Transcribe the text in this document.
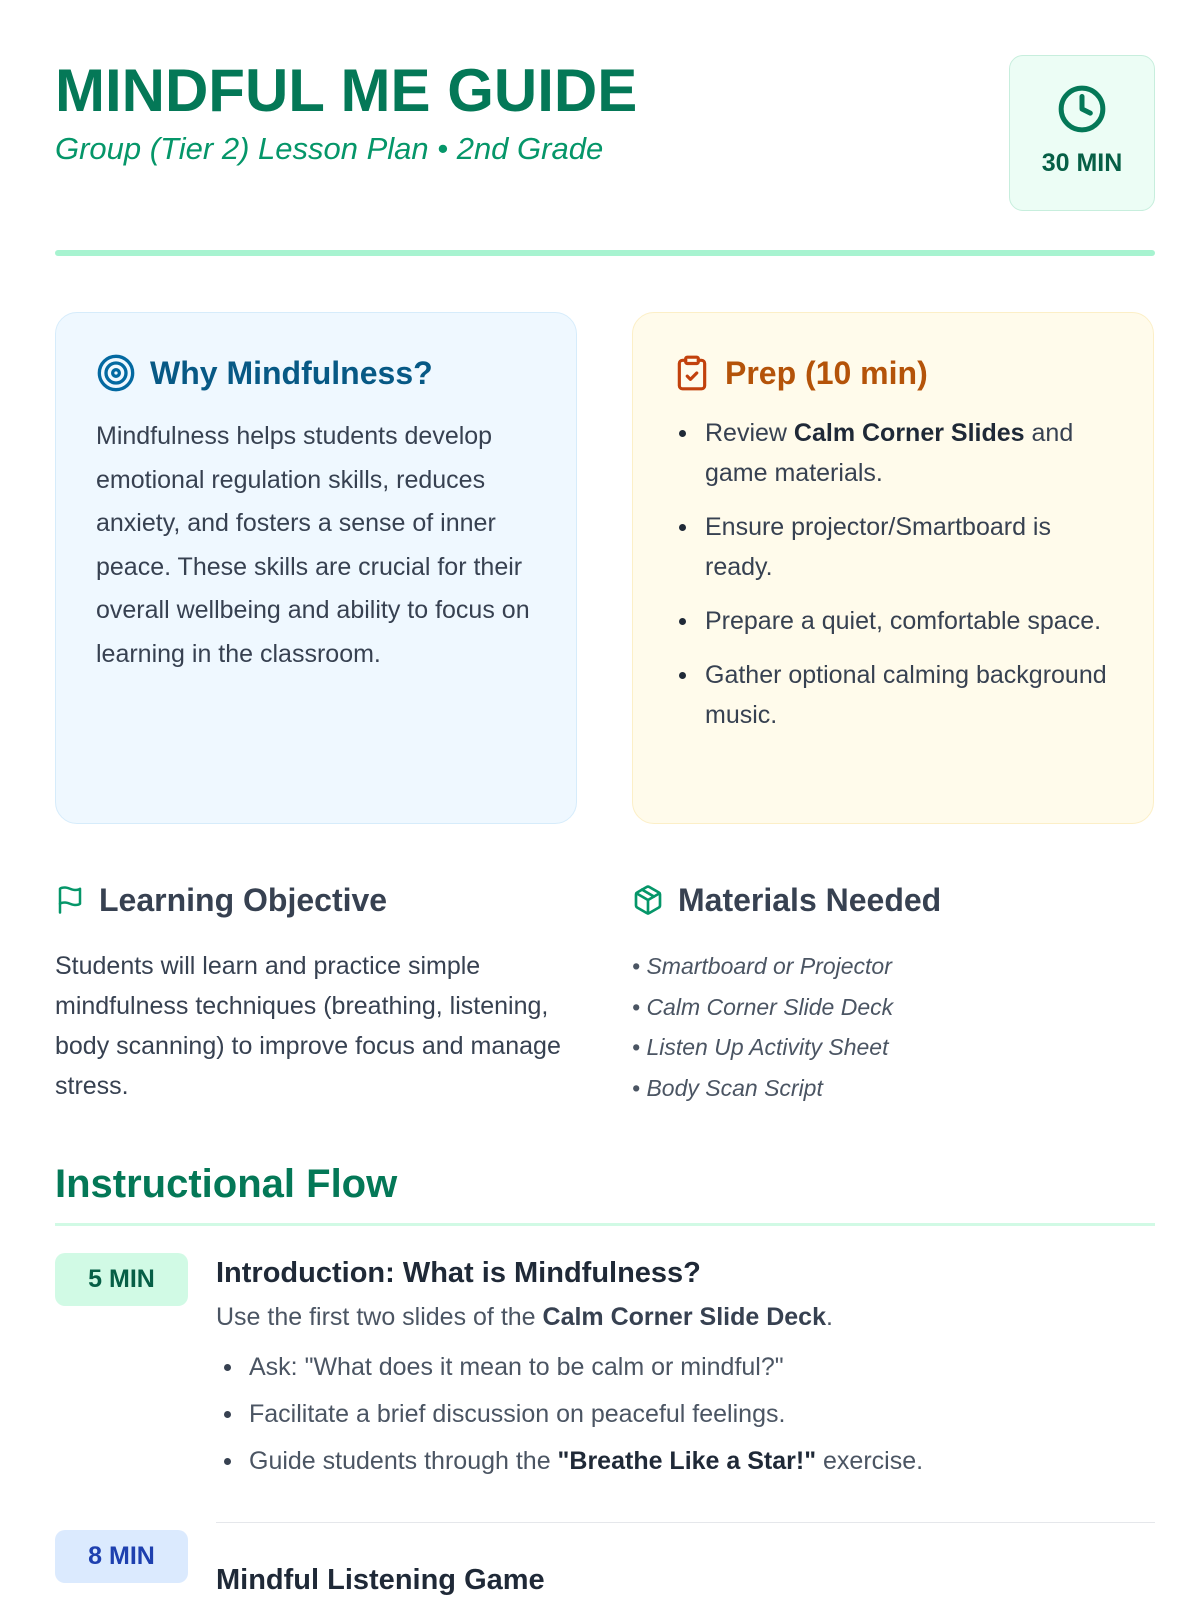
MINDFUL ME GUIDE
Group (Tier 2) Lesson Plan • 2nd Grade	30 MIN
Why Mindfulness?
Mindfulness helps students develop emotional regulation skills, reduces anxiety, and fosters a sense of inner peace. These skills are crucial for their overall wellbeing and ability to focus on learning in the classroom.
Prep (10 min)
Review Calm Corner Slides and game materials.
Ensure projector/Smartboard is ready.
Prepare a quiet, comfortable space.
Gather optional calming background music.
Learning Objective
Students will learn and practice simple mindfulness techniques (breathing, listening, body scanning) to improve focus and manage stress.
Materials Needed
• Smartboard or Projector
• Calm Corner Slide Deck
• Listen Up Activity Sheet
• Body Scan Script
Instructional Flow
5 MIN	Introduction: What is Mindfulness?
Use the first two slides of the Calm Corner Slide Deck.
Ask: "What does it mean to be calm or mindful?"
Facilitate a brief discussion on peaceful feelings.
Guide students through the "Breathe Like a Star!" exercise.
8 MIN
Mindful Listening Game
